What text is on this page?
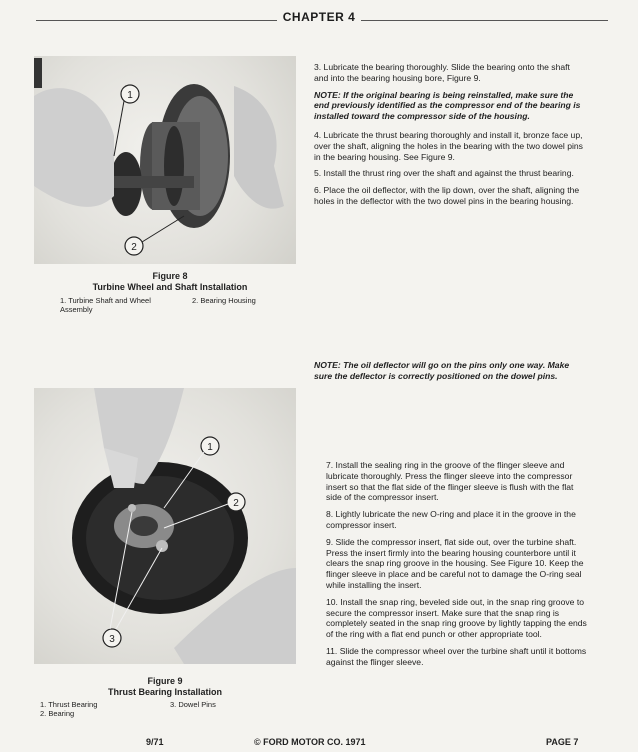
CHAPTER 4
1
2
Figure 8
Turbine Wheel and Shaft Installation
1. Turbine Shaft and Wheel Assembly
2. Bearing Housing
1
2
3
Figure 9
Thrust Bearing Installation
1. Thrust Bearing
2. Bearing
3. Dowel Pins

3. Lubricate the bearing thoroughly. Slide the bearing onto the shaft and into the bearing housing bore, Figure 9.

NOTE: If the original bearing is being reinstalled, make sure the end previously identified as the compressor end of the bearing is installed toward the compressor side of the housing.

4. Lubricate the thrust bearing thoroughly and install it, bronze face up, over the shaft, aligning the holes in the bearing with the two dowel pins in the bearing housing. See Figure 9.

5. Install the thrust ring over the shaft and against the thrust bearing.

6. Place the oil deflector, with the lip down, over the shaft, aligning the holes in the deflector with the two dowel pins in the bearing housing.

NOTE: The oil deflector will go on the pins only one way. Make sure the deflector is correctly positioned on the dowel pins.

7. Install the sealing ring in the groove of the flinger sleeve and lubricate thoroughly. Press the flinger sleeve into the compressor insert so that the flat side of the flinger sleeve is flush with the flat side of the compressor insert.

8. Lightly lubricate the new O-ring and place it in the groove in the compressor insert.

9. Slide the compressor insert, flat side out, over the turbine shaft. Press the insert firmly into the bearing housing counterbore until it clears the snap ring groove in the housing. See Figure 10. Keep the flinger sleeve in place and be careful not to damage the O-ring seal while installing the insert.

10. Install the snap ring, beveled side out, in the snap ring groove to secure the compressor insert. Make sure that the snap ring is completely seated in the snap ring groove by lightly tapping the ends of the ring with a flat end punch or other appropriate tool.

11. Slide the compressor wheel over the turbine shaft until it bottoms against the flinger sleeve.

9/71	© FORD MOTOR CO. 1971	PAGE 7
